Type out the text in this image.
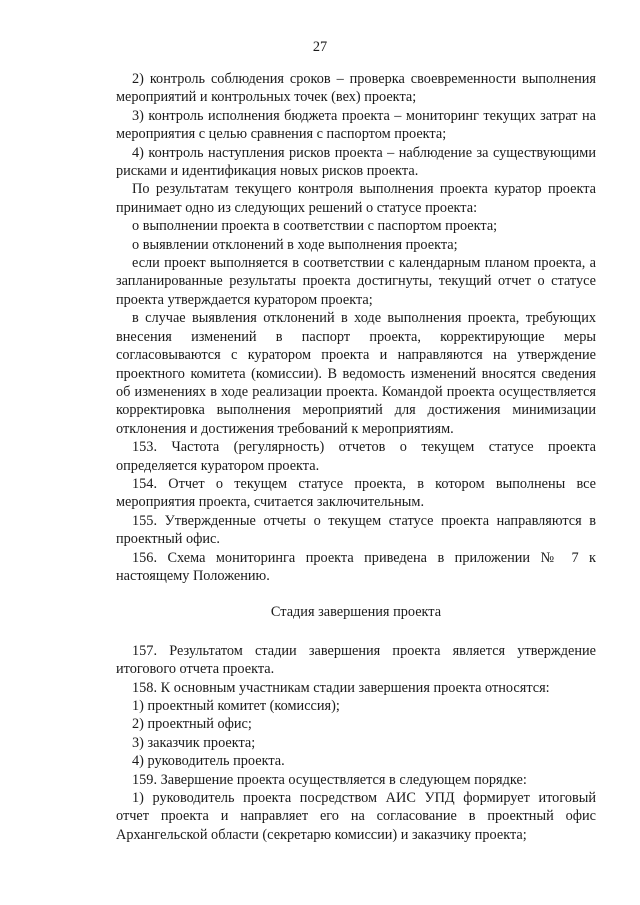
27

2) контроль соблюдения сроков – проверка своевременности выполнения мероприятий и контрольных точек (вех) проекта;

3) контроль исполнения бюджета проекта – мониторинг текущих затрат на мероприятия с целью сравнения с паспортом проекта;

4) контроль наступления рисков проекта – наблюдение за существующими рисками и идентификация новых рисков проекта.

По результатам текущего контроля выполнения проекта куратор проекта принимает одно из следующих решений о статусе проекта:

о выполнении проекта в соответствии с паспортом проекта;

о выявлении отклонений в ходе выполнения проекта;

если проект выполняется в соответствии с календарным планом проекта, а запланированные результаты проекта достигнуты, текущий отчет о статусе проекта утверждается куратором проекта;

в случае выявления отклонений в ходе выполнения проекта, требующих внесения изменений в паспорт проекта, корректирующие меры согласовываются с куратором проекта и направляются на утверждение проектного комитета (комиссии). В ведомость изменений вносятся сведения об изменениях в ходе реализации проекта. Командой проекта осуществляется корректировка выполнения мероприятий для достижения минимизации отклонения и достижения требований к мероприятиям.

153. Частота (регулярность) отчетов о текущем статусе проекта определяется куратором проекта.

154. Отчет о текущем статусе проекта, в котором выполнены все мероприятия проекта, считается заключительным.

155. Утвержденные отчеты о текущем статусе проекта направляются в проектный офис.

156. Схема мониторинга проекта приведена в приложении № 7 к настоящему Положению.

Стадия завершения проекта

157. Результатом стадии завершения проекта является утверждение итогового отчета проекта.

158. К основным участникам стадии завершения проекта относятся:

1) проектный комитет (комиссия);

2) проектный офис;

3) заказчик проекта;

4) руководитель проекта.

159. Завершение проекта осуществляется в следующем порядке:

1) руководитель проекта посредством АИС УПД формирует итоговый отчет проекта и направляет его на согласование в проектный офис Архангельской области (секретарю комиссии) и заказчику проекта;
